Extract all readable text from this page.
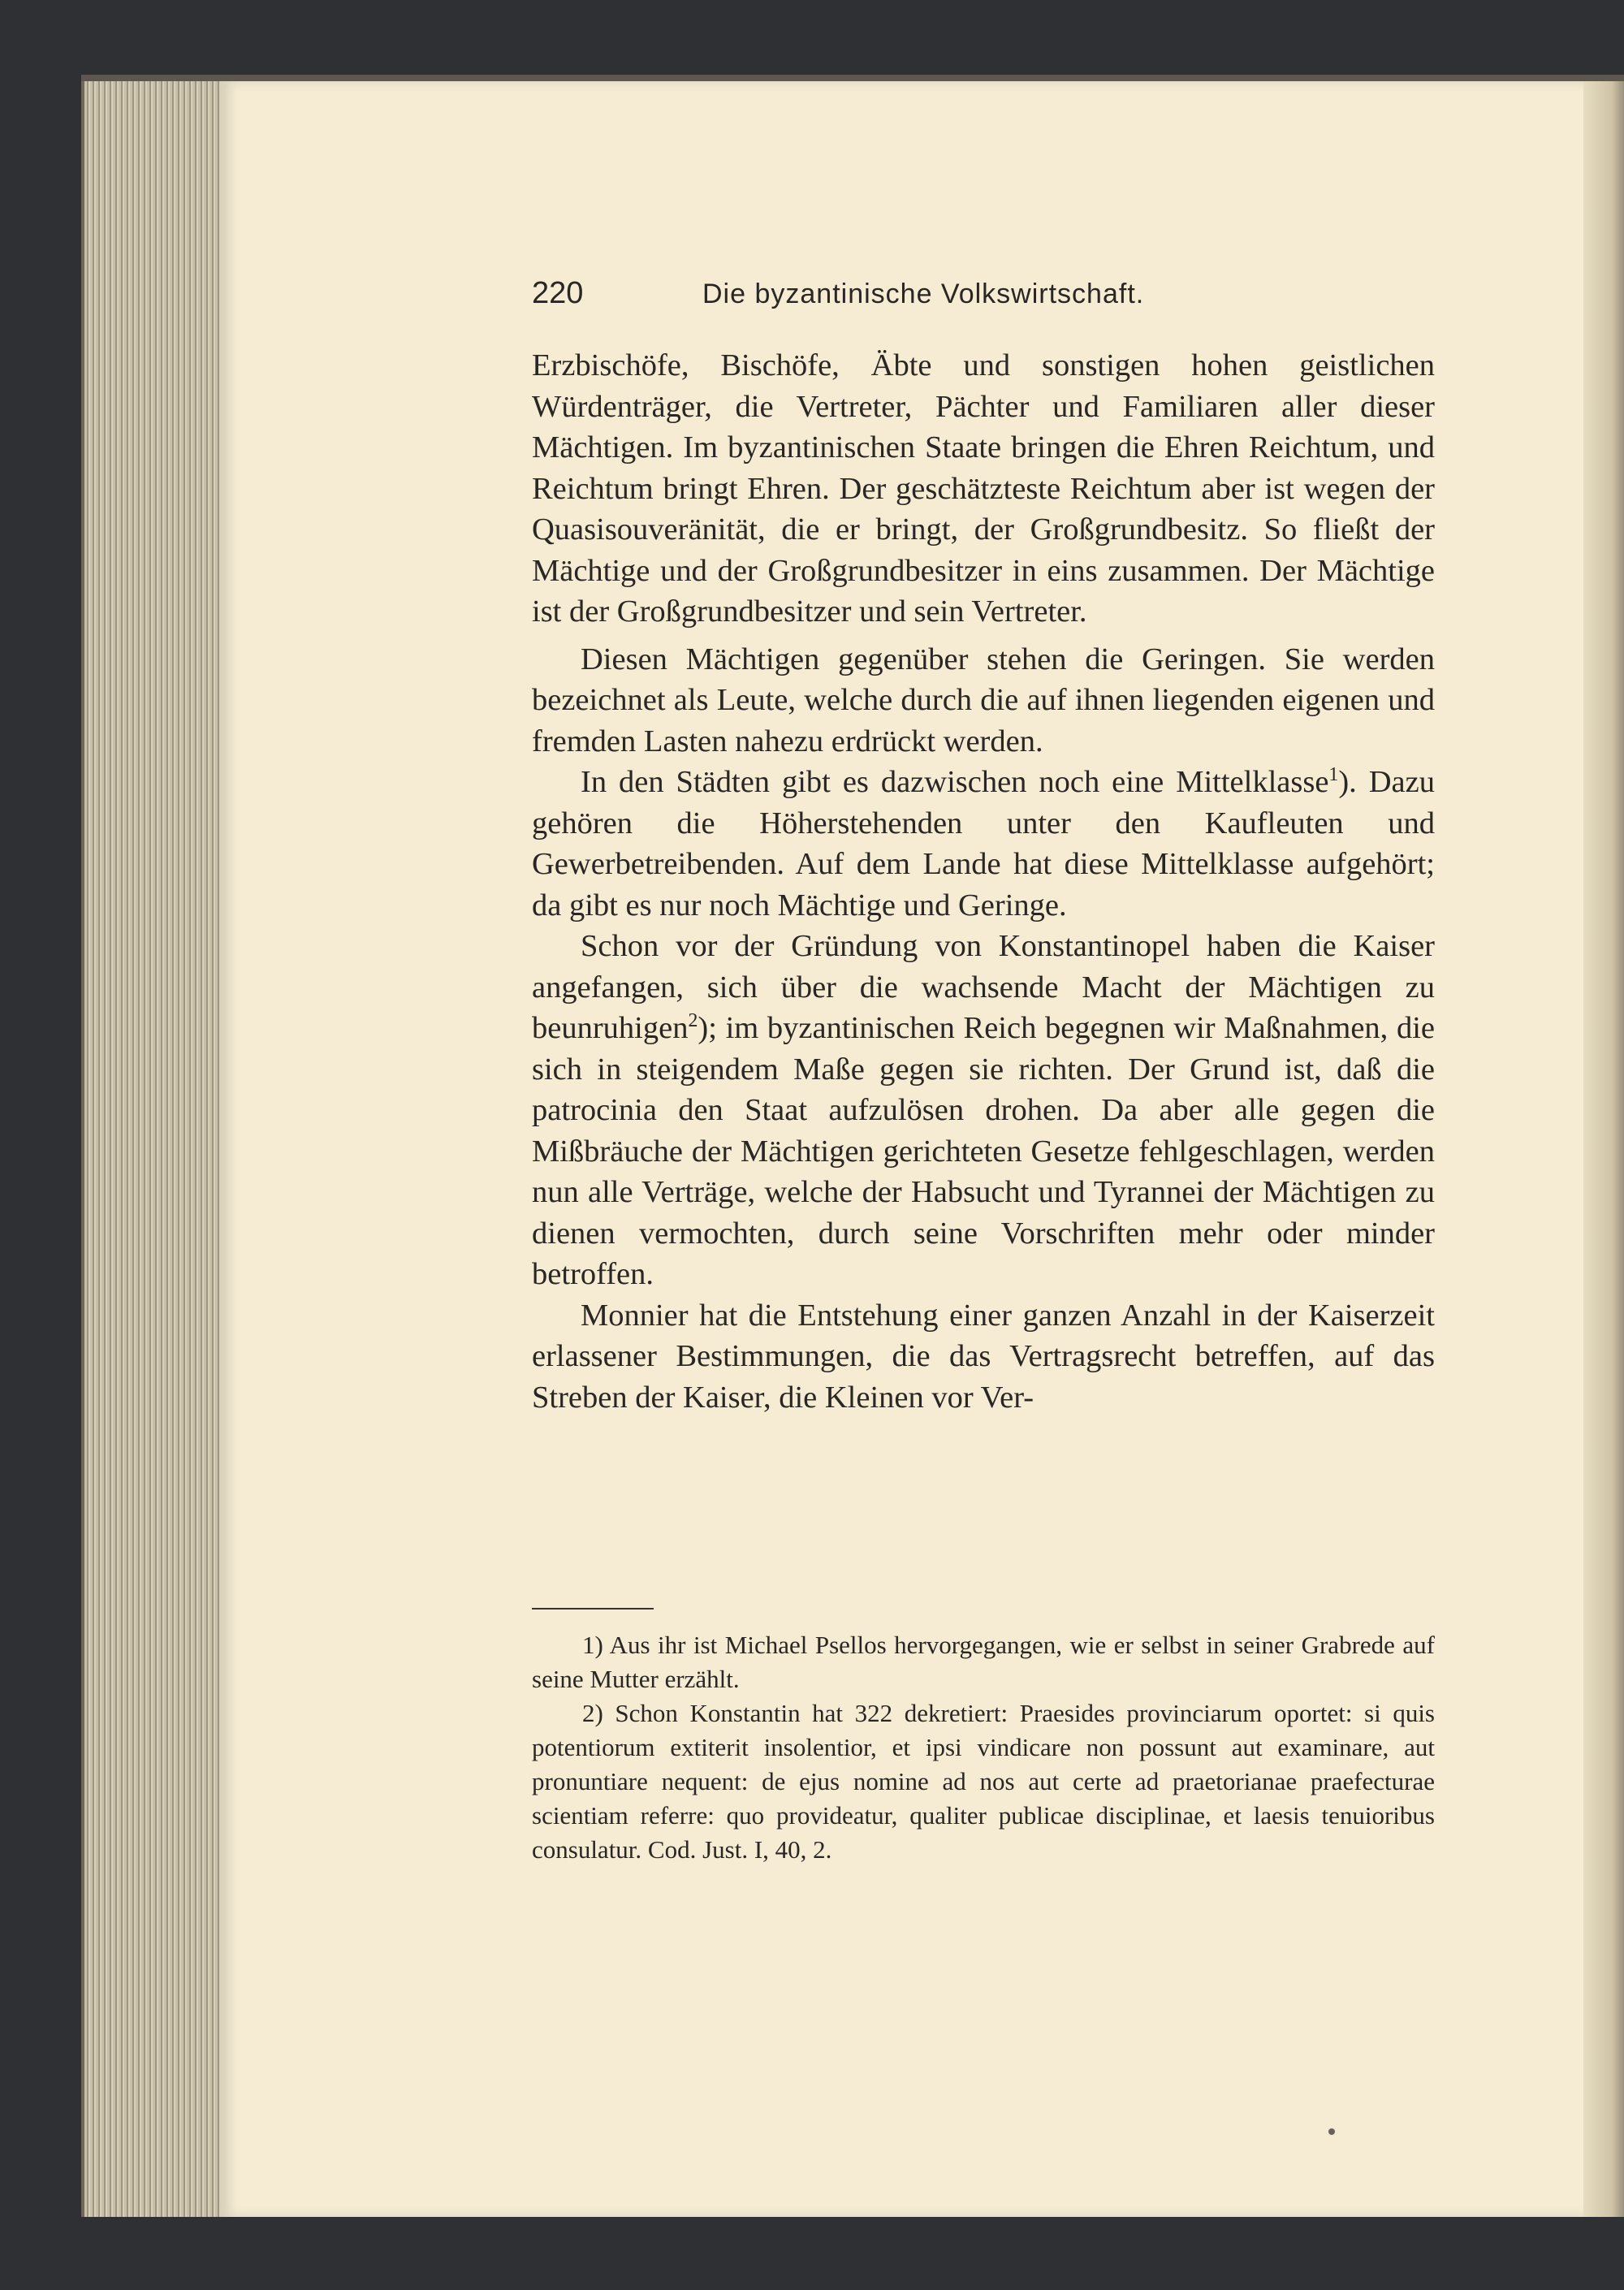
220	Die byzantinische Volkswirtschaft.

Erzbischöfe, Bischöfe, Äbte und sonstigen hohen geistlichen Würdenträger, die Vertreter, Pächter und Familiaren aller dieser Mächtigen. Im byzantinischen Staate bringen die Ehren Reichtum, und Reichtum bringt Ehren. Der geschätzteste Reichtum aber ist wegen der Quasisouveränität, die er bringt, der Großgrundbesitz. So fließt der Mächtige und der Großgrundbesitzer in eins zusammen. Der Mächtige ist der Großgrundbesitzer und sein Vertreter.

Diesen Mächtigen gegenüber stehen die Geringen. Sie werden bezeichnet als Leute, welche durch die auf ihnen liegenden eigenen und fremden Lasten nahezu erdrückt werden.

In den Städten gibt es dazwischen noch eine Mittelklasse$^1$). Dazu gehören die Höherstehenden unter den Kaufleuten und Gewerbetreibenden. Auf dem Lande hat diese Mittelklasse aufgehört; da gibt es nur noch Mächtige und Geringe.

Schon vor der Gründung von Konstantinopel haben die Kaiser angefangen, sich über die wachsende Macht der Mächtigen zu beunruhigen$^2$); im byzantinischen Reich begegnen wir Maßnahmen, die sich in steigendem Maße gegen sie richten. Der Grund ist, daß die patrocinia den Staat aufzulösen drohen. Da aber alle gegen die Mißbräuche der Mächtigen gerichteten Gesetze fehlgeschlagen, werden nun alle Verträge, welche der Habsucht und Tyrannei der Mächtigen zu dienen vermochten, durch seine Vorschriften mehr oder minder betroffen.

Monnier hat die Entstehung einer ganzen Anzahl in der Kaiserzeit erlassener Bestimmungen, die das Vertragsrecht betreffen, auf das Streben der Kaiser, die Kleinen vor Ver-

1) Aus ihr ist Michael Psellos hervorgegangen, wie er selbst in seiner Grabrede auf seine Mutter erzählt.

2) Schon Konstantin hat 322 dekretiert: Praesides provinciarum oportet: si quis potentiorum extiterit insolentior, et ipsi vindicare non possunt aut examinare, aut pronuntiare nequent: de ejus nomine ad nos aut certe ad praetorianae praefecturae scientiam referre: quo provideatur, qualiter publicae disciplinae, et laesis tenuioribus consulatur. Cod. Just. I, 40, 2.
